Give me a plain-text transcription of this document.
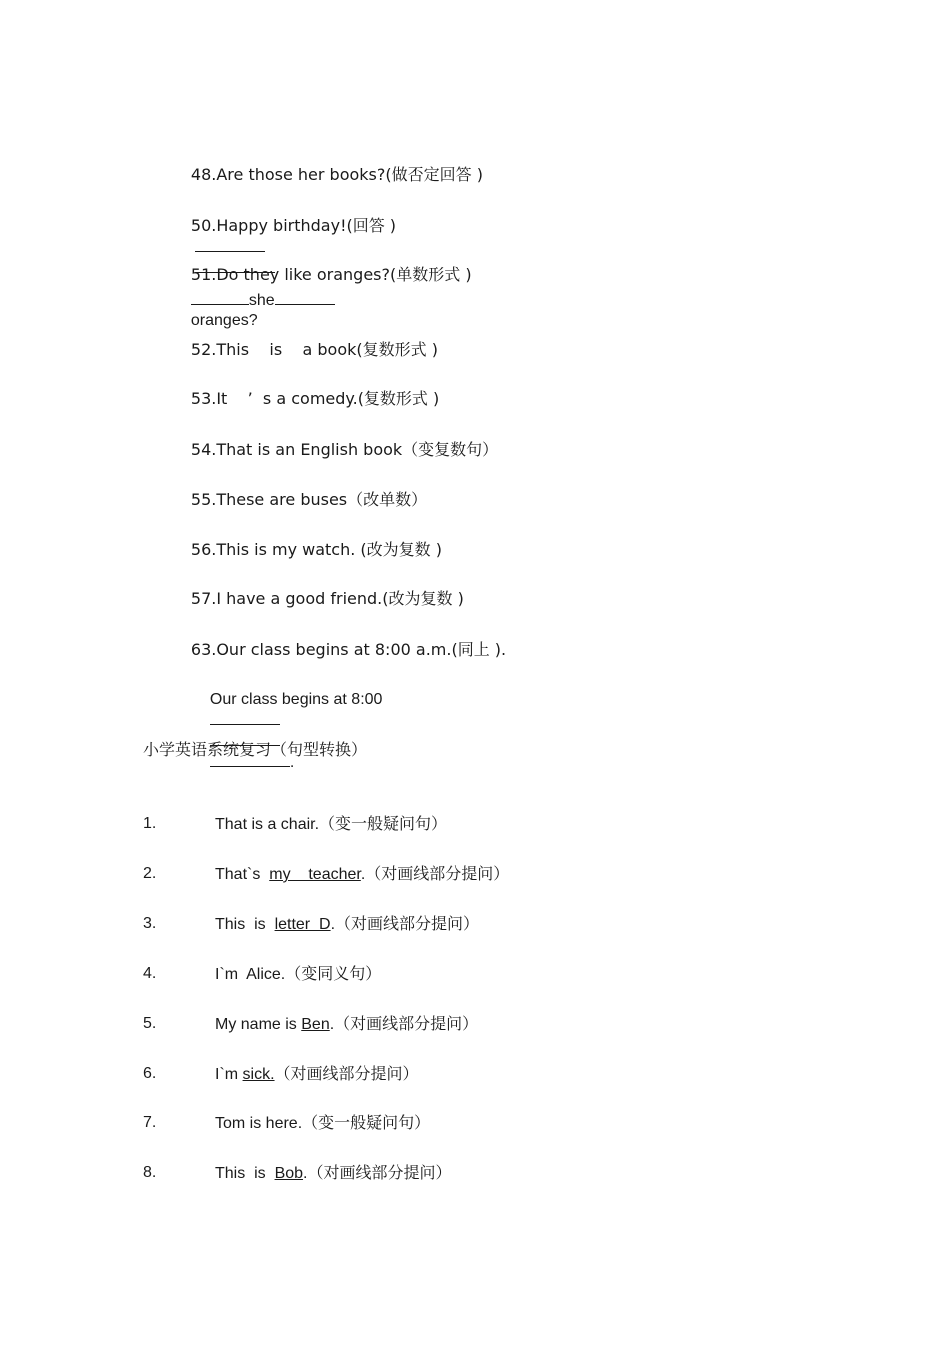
48.Are those her books?(做否定回答 )

50.Happy birthday!(回答 )

51.Do they like oranges?(单数形式 )

she
oranges?

52.This    is    a book(复数形式 )

53.It    ’  s a comedy.(复数形式 )

54.That is an English book（变复数句）

55.These are buses（改单数）

56.This is my watch. (改为复数 )

57.I have a good friend.(改为复数 )

63.Our class begins at 8:00 a.m.(同上 ).

Our class begins at 8:00

.

小学英语系统复习（句型转换）
1.	That is a chair.（变一般疑问句）
2.	That`s  my    teacher.（对画线部分提问）
3.	This  is  letter  D.（对画线部分提问）
4.	I`m  Alice.（变同义句）
5.	My name is Ben.（对画线部分提问）
6.	I`m sick.（对画线部分提问）
7.	Tom is here.（变一般疑问句）
8.	This  is  Bob.（对画线部分提问）
